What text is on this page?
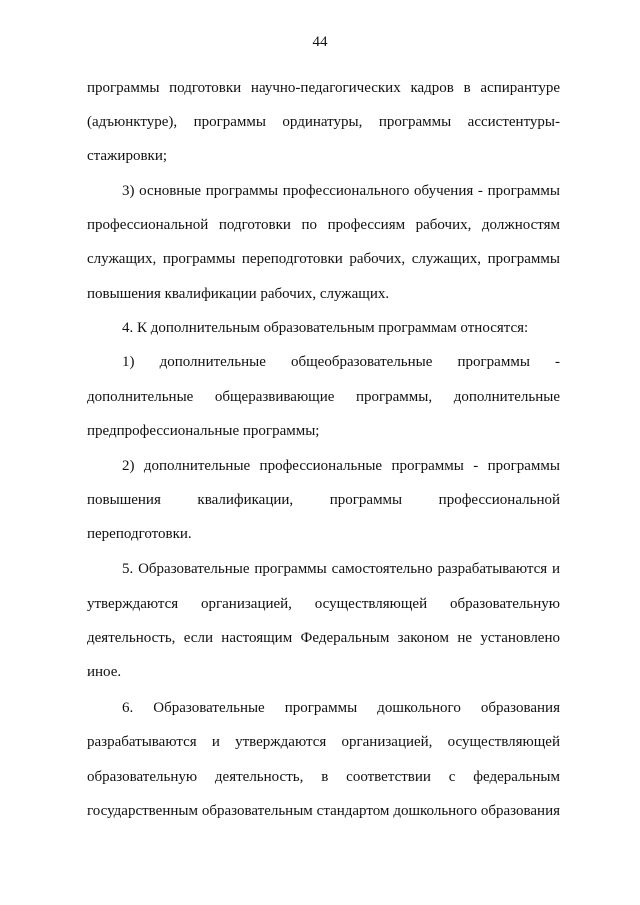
44
программы подготовки научно-педагогических кадров в аспирантуре
(адъюнктуре), программы ординатуры, программы ассистентуры-
стажировки;
3) основные программы профессионального обучения - программы
профессиональной подготовки по профессиям рабочих, должностям
служащих, программы переподготовки рабочих, служащих, программы
повышения квалификации рабочих, служащих.
4. К дополнительным образовательным программам относятся:
1) дополнительные общеобразовательные программы -
дополнительные общеразвивающие программы, дополнительные
предпрофессиональные программы;
2) дополнительные профессиональные программы - программы
повышения квалификации, программы профессиональной
переподготовки.
5. Образовательные программы самостоятельно разрабатываются и
утверждаются организацией, осуществляющей образовательную
деятельность, если настоящим Федеральным законом не установлено
иное.
6. Образовательные программы дошкольного образования
разрабатываются и утверждаются организацией, осуществляющей
образовательную деятельность, в соответствии с федеральным
государственным образовательным стандартом дошкольного образования
